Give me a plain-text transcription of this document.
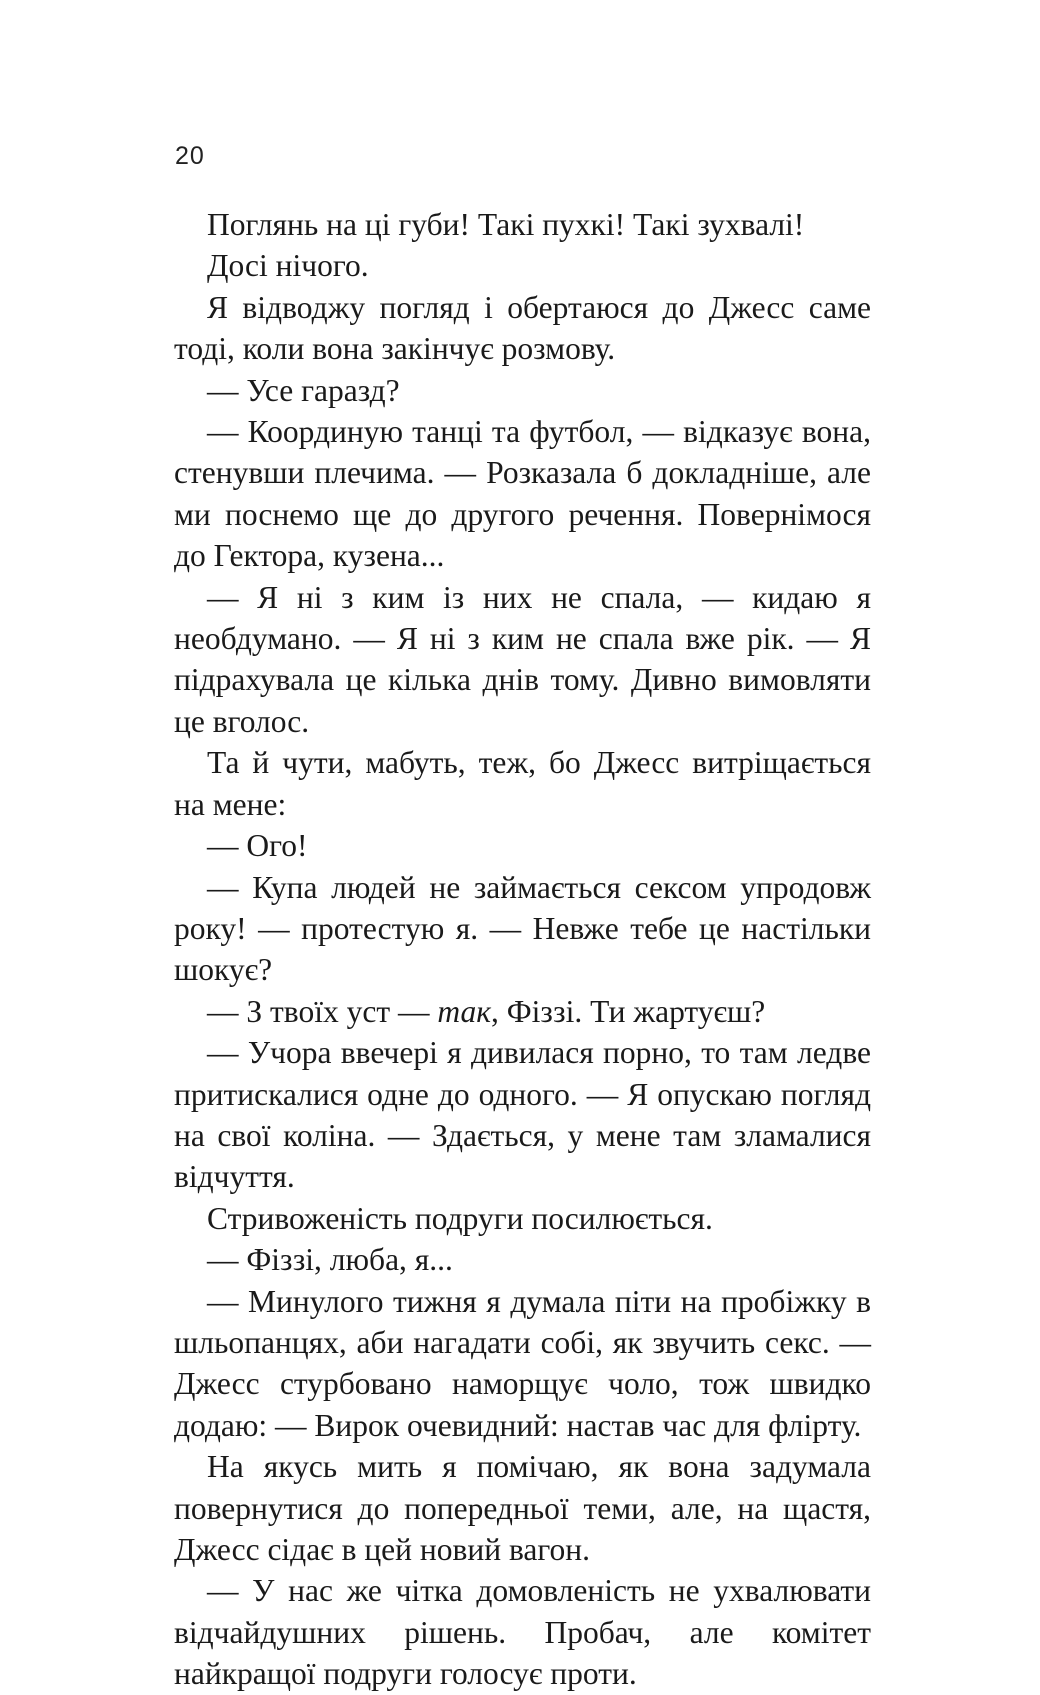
20

Поглянь на ці губи! Такі пухкі! Такі зухвалі!

Досі нічого.

Я відводжу погляд і обертаюся до Джесс саме тоді, коли вона закінчує розмову.

— Усе гаразд?

— Координую танці та футбол, — відказує вона, стенувши плечима. — Розказала б докладніше, але ми поснемо ще до другого речення. Повернімося до Гектора, кузена...

— Я ні з ким із них не спала, — кидаю я необдумано. — Я ні з ким не спала вже рік. — Я підрахувала це кілька днів тому. Дивно вимовляти це вголос.

Та й чути, мабуть, теж, бо Джесс витріщається на мене:

— Ого!

— Купа людей не займається сексом упродовж року! — протестую я. — Невже тебе це настільки шокує?

— З твоїх уст — так, Фіззі. Ти жартуєш?

— Учора ввечері я дивилася порно, то там ледве притискалися одне до одного. — Я опускаю погляд на свої коліна. — Здається, у мене там зламалися відчуття.

Стривоженість подруги посилюється.

— Фіззі, люба, я...

— Минулого тижня я думала піти на пробіжку в шльопанцях, аби нагадати собі, як звучить секс. — Джесс стурбовано наморщує чоло, тож швидко додаю: — Вирок очевидний: настав час для флірту.

На якусь мить я помічаю, як вона задумала повернутися до попередньої теми, але, на щастя, Джесс сідає в цей новий вагон.

— У нас же чітка домовленість не ухвалювати відчайдушних рішень. Пробач, але комітет найкращої подруги голосує проти.
